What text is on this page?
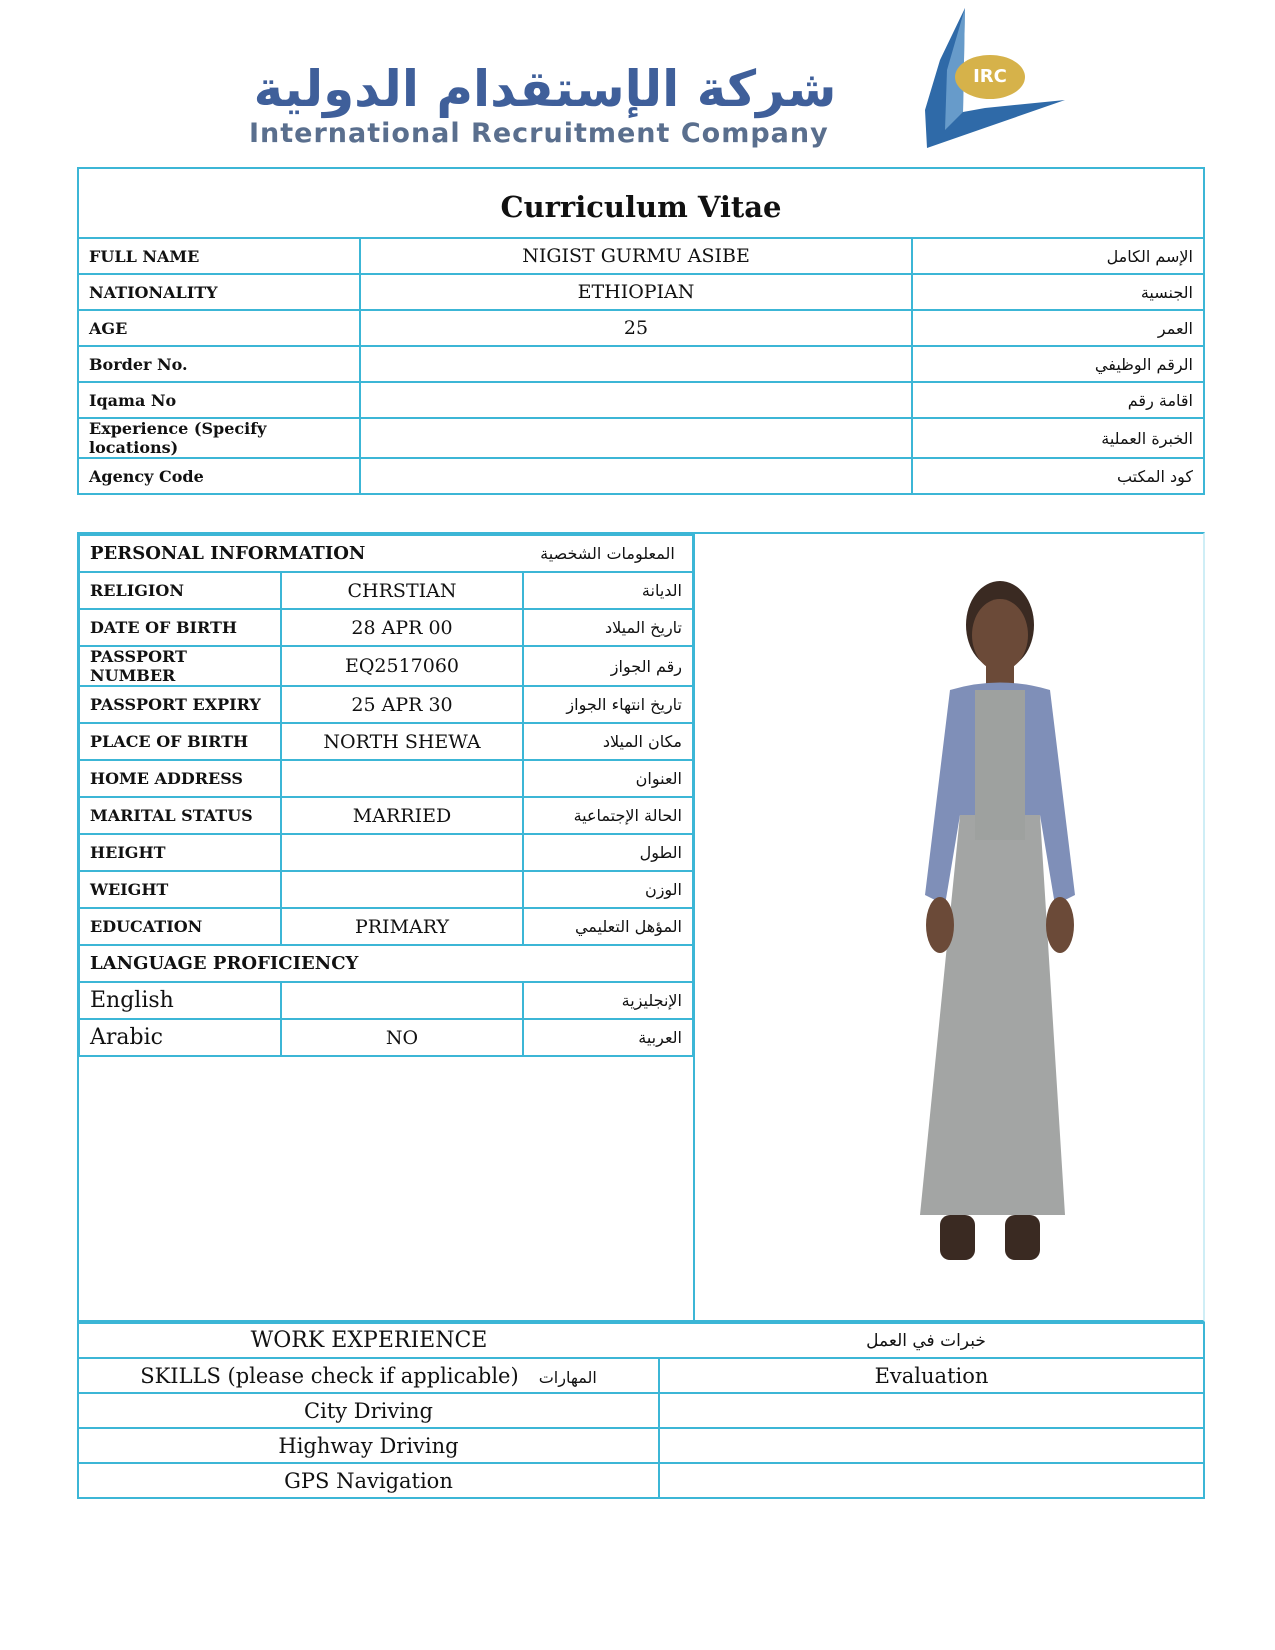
شركة الإستقدام الدولية
International Recruitment Company
IRC
Curriculum Vitae		
FULL NAME	NIGIST GURMU ASIBE	الإسم الكامل
NATIONALITY	ETHIOPIAN	الجنسية
AGE	25	العمر
Border No.		الرقم الوظيفي
Iqama No		اقامة رقم
Experience (Specify locations)		الخبرة العملية
Agency Code		كود المكتب
PERSONAL INFORMATION		المعلومات الشخصية
RELIGION	CHRSTIAN	الديانة
DATE OF BIRTH	28 APR 00	تاريخ الميلاد
PASSPORT NUMBER	EQ2517060	رقم الجواز
PASSPORT EXPIRY	25 APR 30	تاريخ انتهاء الجواز
PLACE OF BIRTH	NORTH SHEWA	مكان الميلاد
HOME ADDRESS		العنوان
MARITAL STATUS	MARRIED	الحالة الإجتماعية
HEIGHT		الطول
WEIGHT		الوزن
EDUCATION	PRIMARY	المؤهل التعليمي
LANGUAGE PROFICIENCY		
English		الإنجليزية
Arabic	NO	العربية
WORK EXPERIENCE	خبرات في العمل
SKILLS (please check if applicable) المهارات	Evaluation
City Driving	
Highway Driving	
GPS Navigation	
